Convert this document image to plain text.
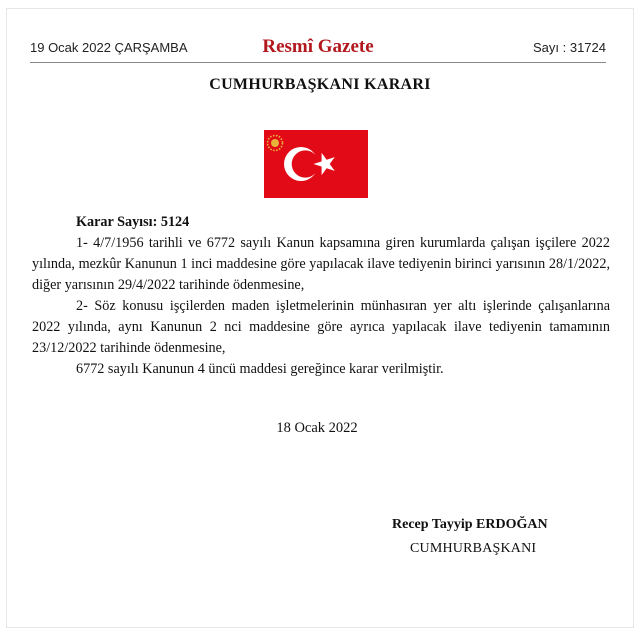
19 Ocak 2022 ÇARŞAMBA	Resmî Gazete	Sayı : 31724
CUMHURBAŞKANI KARARI
Karar Sayısı: 5124

1- 4/7/1956 tarihli ve 6772 sayılı Kanun kapsamına giren kurumlarda çalışan işçilere 2022 yılında, mezkûr Kanunun 1 inci maddesine göre yapılacak ilave tediyenin birinci yarısının 28/1/2022, diğer yarısının 29/4/2022 tarihinde ödenmesine,

2- Söz konusu işçilerden maden işletmelerinin münhasıran yer altı işlerinde çalışanlarına 2022 yılında, aynı Kanunun 2 nci maddesine göre ayrıca yapılacak ilave tediyenin tamamının 23/12/2022 tarihinde ödenmesine,

6772 sayılı Kanunun 4 üncü maddesi gereğince karar verilmiştir.

18 Ocak 2022
Recep Tayyip ERDOĞAN
CUMHURBAŞKANI
